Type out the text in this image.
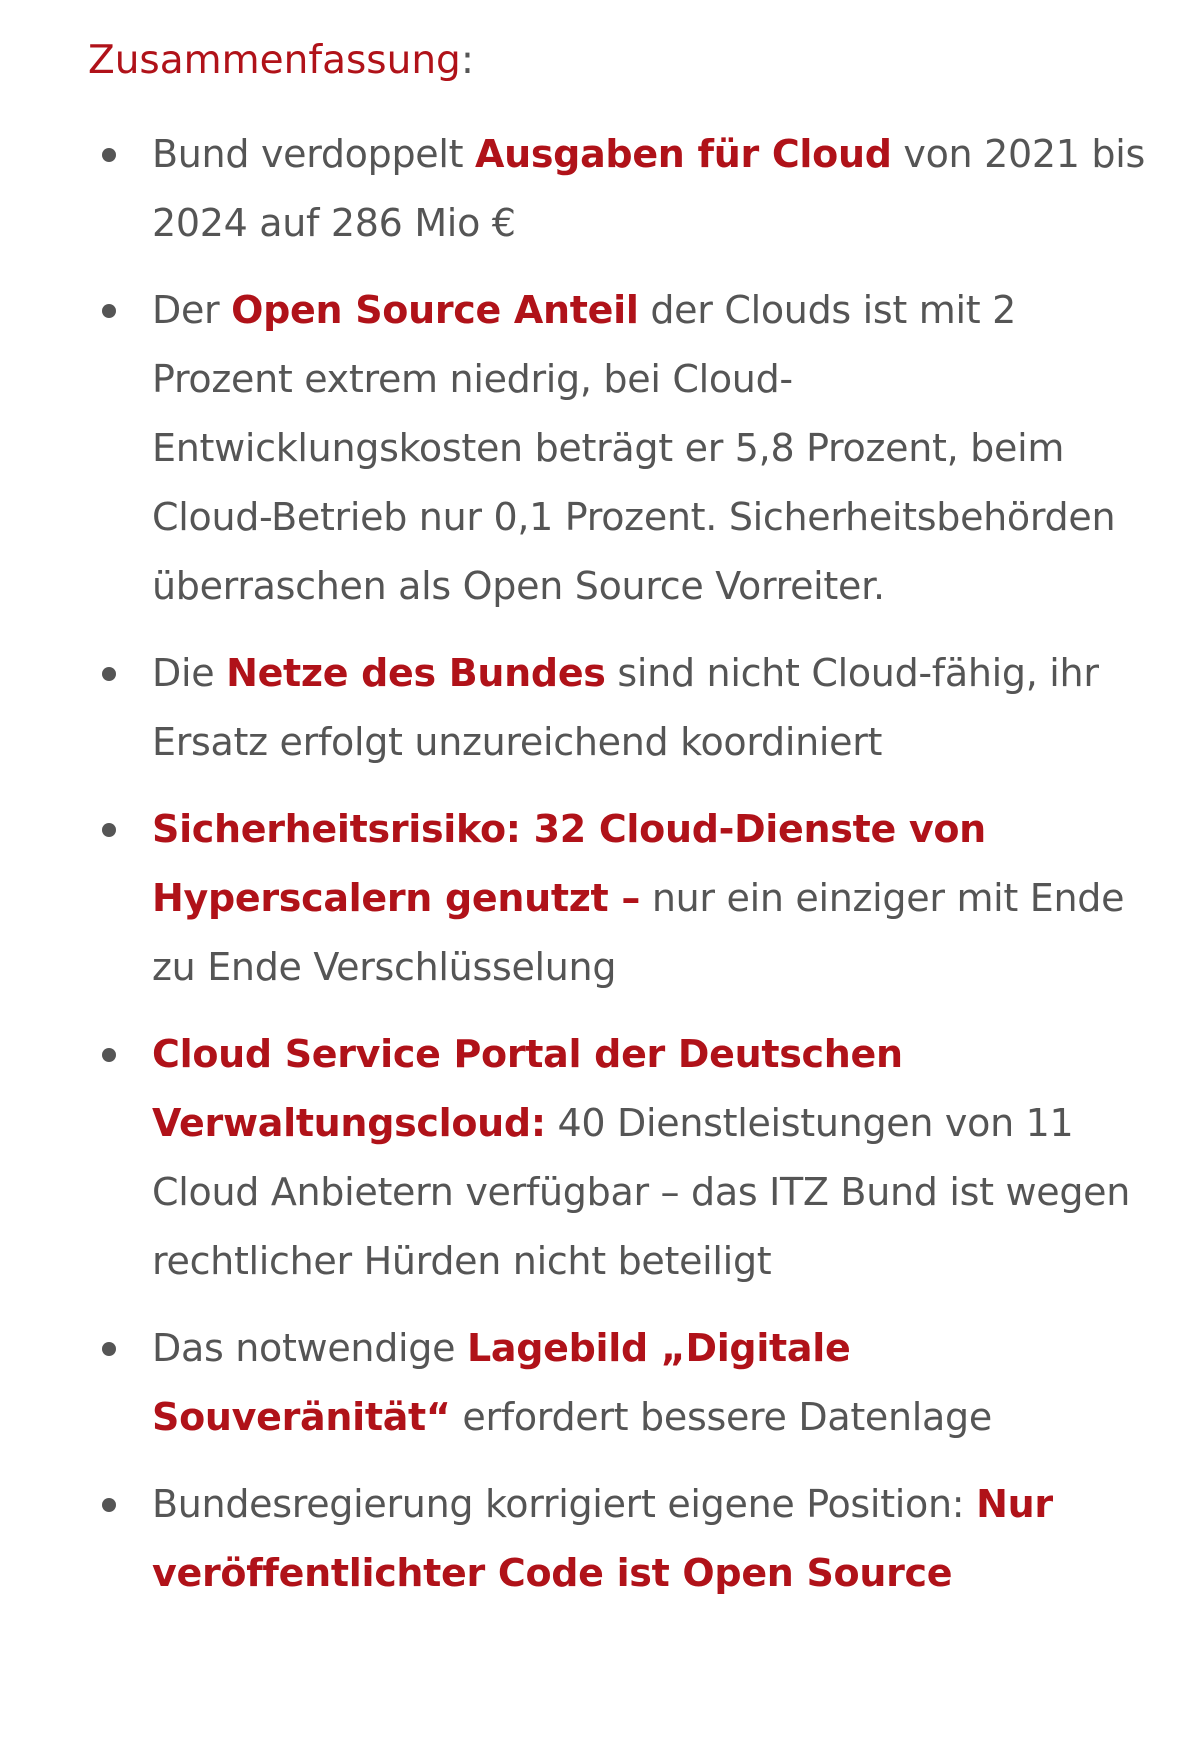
Zusammenfassung:
Bund verdoppelt Ausgaben für Cloud von 2021 bis 2024 auf 286 Mio €
Der Open Source Anteil der Clouds ist mit 2 Prozent extrem niedrig, bei Cloud-Entwicklungskosten beträgt er 5,8 Prozent, beim Cloud-Betrieb nur 0,1 Prozent. Sicherheitsbehörden überraschen als Open Source Vorreiter.
Die Netze des Bundes sind nicht Cloud-fähig, ihr Ersatz erfolgt unzureichend koordiniert
Sicherheitsrisiko: 32 Cloud-Dienste von Hyperscalern genutzt – nur ein einziger mit Ende zu Ende Verschlüsselung
Cloud Service Portal der Deutschen Verwaltungscloud: 40 Dienstleistungen von 11 Cloud Anbietern verfügbar – das ITZ Bund ist wegen rechtlicher Hürden nicht beteiligt
Das notwendige Lagebild „Digitale Souveränität“ erfordert bessere Datenlage
Bundesregierung korrigiert eigene Position: Nur veröffentlichter Code ist Open Source
